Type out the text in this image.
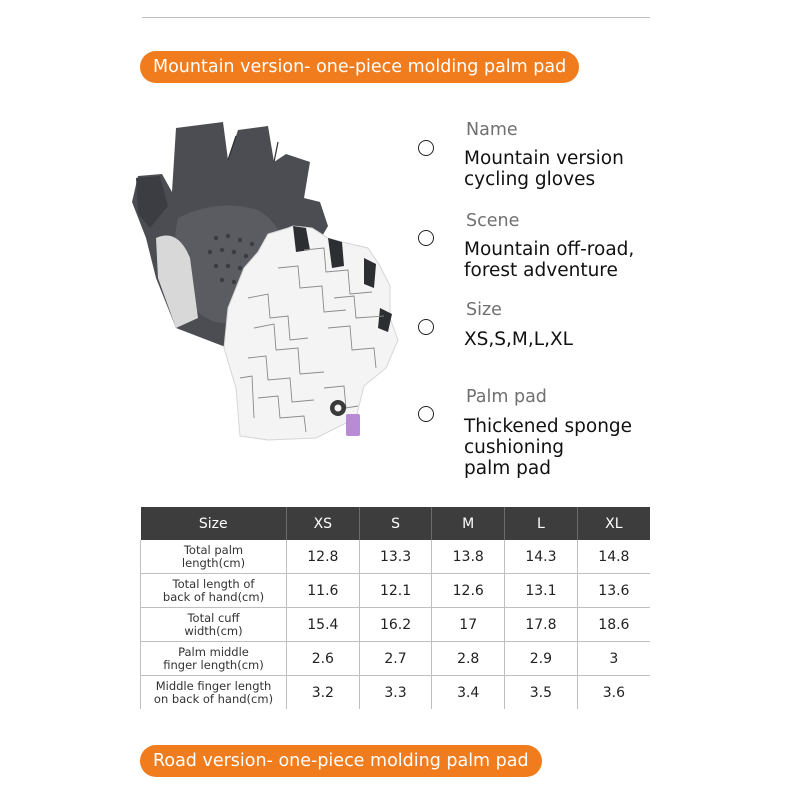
Mountain version- one-piece molding palm pad
Name
Mountain version
cycling gloves
Scene
Mountain off-road,
forest adventure
Size
XS,S,M,L,XL
Palm pad
Thickened sponge
cushioning
palm pad
Size	XS	S	M	L	XL
Total palm
length(cm)	12.8	13.3	13.8	14.3	14.8
Total length of
back of hand(cm)	11.6	12.1	12.6	13.1	13.6
Total cuff
width(cm)	15.4	16.2	17	17.8	18.6
Palm middle
finger length(cm)	2.6	2.7	2.8	2.9	3
Middle finger length
on back of hand(cm)	3.2	3.3	3.4	3.5	3.6
Road version- one-piece molding palm pad
